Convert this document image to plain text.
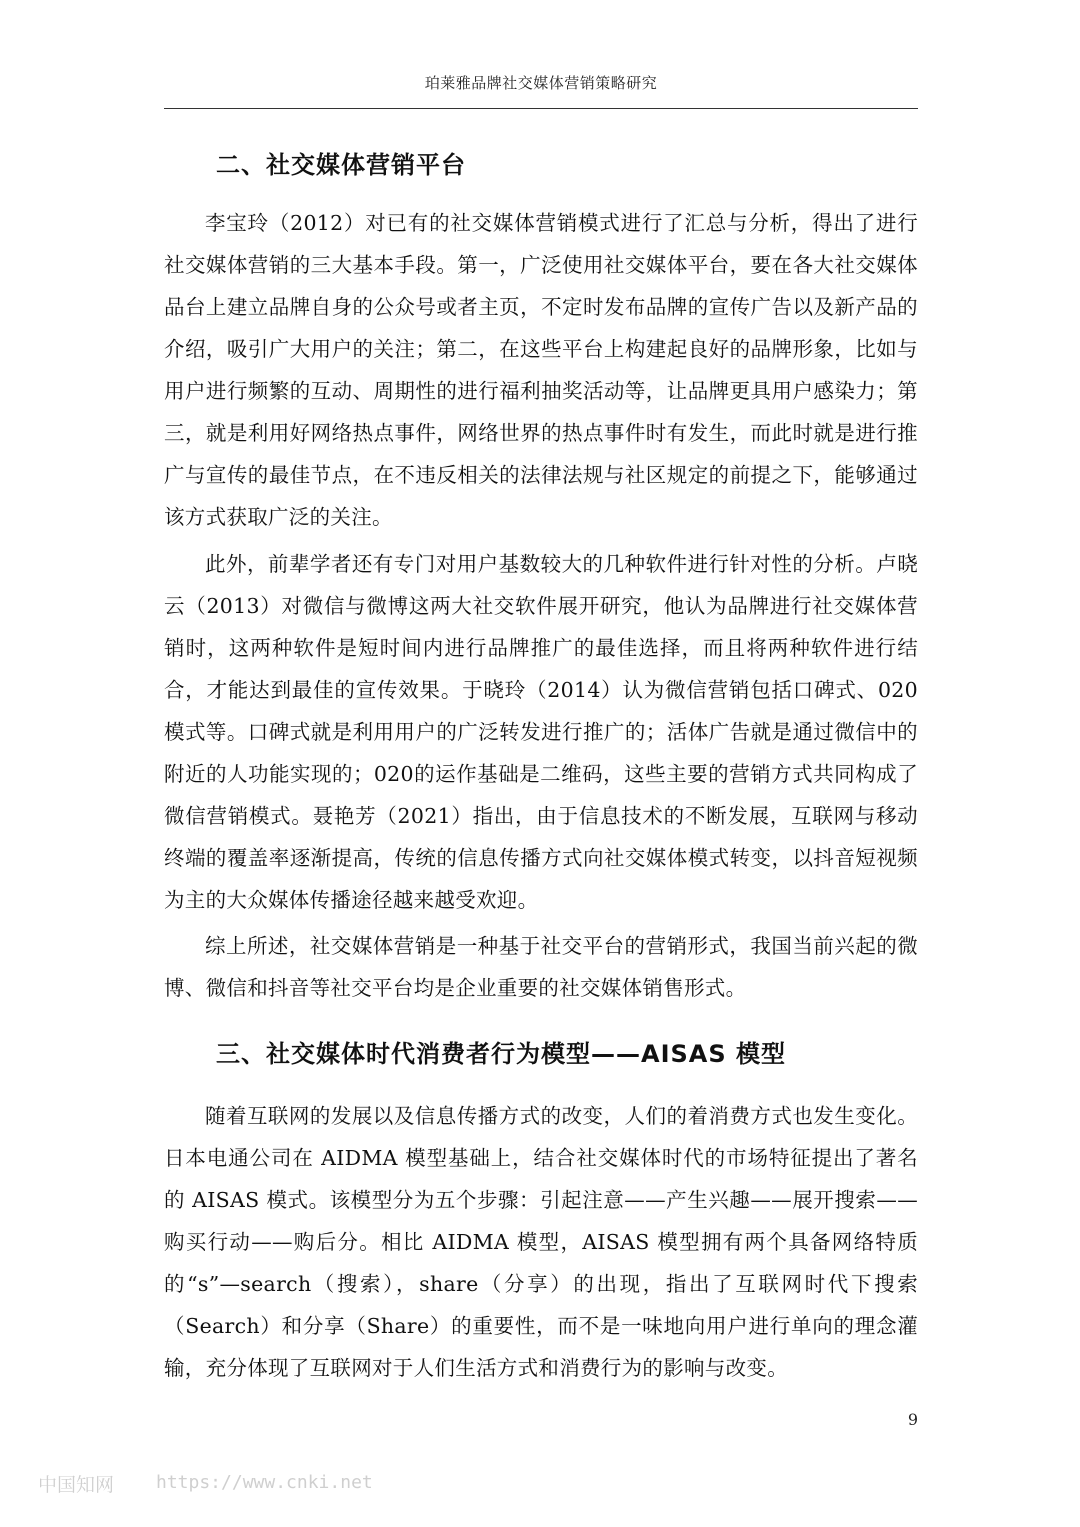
珀莱雅品牌社交媒体营销策略研究
二、社交媒体营销平台

李宝玲（2012）对已有的社交媒体营销模式进行了汇总与分析，得出了进行社交媒体营销的三大基本手段。第一，广泛使用社交媒体平台，要在各大社交媒体品台上建立品牌自身的公众号或者主页，不定时发布品牌的宣传广告以及新产品的介绍，吸引广大用户的关注；第二，在这些平台上构建起良好的品牌形象，比如与用户进行频繁的互动、周期性的进行福利抽奖活动等，让品牌更具用户感染力；第三，就是利用好网络热点事件，网络世界的热点事件时有发生，而此时就是进行推广与宣传的最佳节点，在不违反相关的法律法规与社区规定的前提之下，能够通过该方式获取广泛的关注。

此外，前辈学者还有专门对用户基数较大的几种软件进行针对性的分析。卢晓云（2013）对微信与微博这两大社交软件展开研究，他认为品牌进行社交媒体营销时，这两种软件是短时间内进行品牌推广的最佳选择，而且将两种软件进行结合，才能达到最佳的宣传效果。于晓玲（2014）认为微信营销包括口碑式、020模式等。口碑式就是利用用户的广泛转发进行推广的；活体广告就是通过微信中的附近的人功能实现的；020的运作基础是二维码，这些主要的营销方式共同构成了微信营销模式。聂艳芳（2021）指出，由于信息技术的不断发展，互联网与移动终端的覆盖率逐渐提高，传统的信息传播方式向社交媒体模式转变，以抖音短视频为主的大众媒体传播途径越来越受欢迎。

综上所述，社交媒体营销是一种基于社交平台的营销形式，我国当前兴起的微博、微信和抖音等社交平台均是企业重要的社交媒体销售形式。

三、社交媒体时代消费者行为模型——AISAS 模型

随着互联网的发展以及信息传播方式的改变，人们的着消费方式也发生变化。日本电通公司在 AIDMA 模型基础上，结合社交媒体时代的市场特征提出了著名的 AISAS 模式。该模型分为五个步骤：引起注意——产生兴趣——展开搜索——购买行动——购后分。相比 AIDMA 模型，AISAS 模型拥有两个具备网络特质的“s”—search（搜索），share（分享）的出现，指出了互联网时代下搜索（Search）和分享（Share）的重要性，而不是一味地向用户进行单向的理念灌输，充分体现了互联网对于人们生活方式和消费行为的影响与改变。

9
中国知网 https://www.cnki.net
